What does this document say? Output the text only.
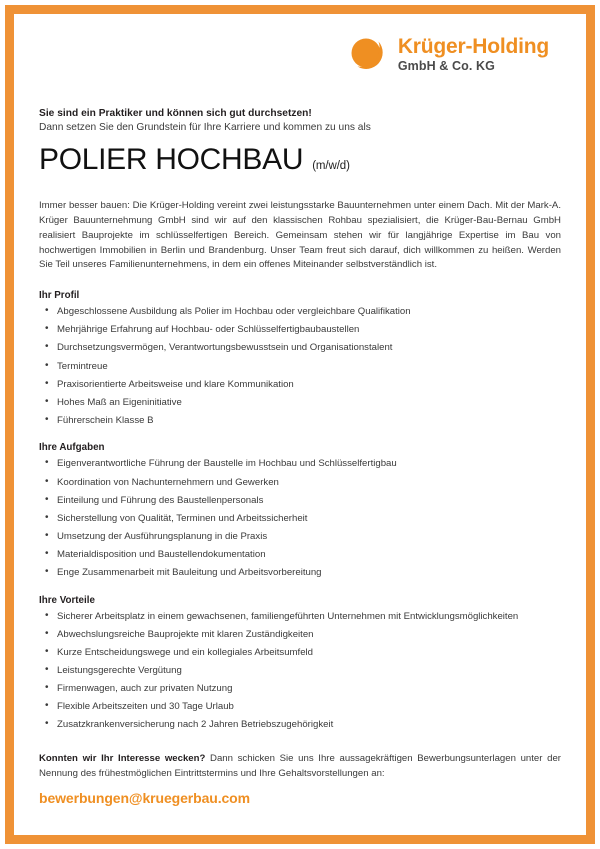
Krüger-Holding
GmbH & Co. KG
Sie sind ein Praktiker und können sich gut durchsetzen!
Dann setzen Sie den Grundstein für Ihre Karriere und kommen zu uns als
POLIER HOCHBAU (m/w/d)
Immer besser bauen: Die Krüger-Holding vereint zwei leistungsstarke Bauunternehmen unter einem Dach. Mit der Mark-A. Krüger Bauunternehmung GmbH sind wir auf den klassischen Rohbau spezialisiert, die Krüger-Bau-Bernau GmbH realisiert Bauprojekte im schlüsselfertigen Bereich. Gemeinsam stehen wir für langjährige Expertise im Bau von hochwertigen Immobilien in Berlin und Brandenburg. Unser Team freut sich darauf, dich willkommen zu heißen. Werden Sie Teil unseres Familienunternehmens, in dem ein offenes Miteinander selbstverständlich ist.
Ihr Profil
• Abgeschlossene Ausbildung als Polier im Hochbau oder vergleichbare Qualifikation
• Mehrjährige Erfahrung auf Hochbau- oder Schlüsselfertigbaubaustellen
• Durchsetzungsvermögen, Verantwortungsbewusstsein und Organisationstalent
• Termintreue
• Praxisorientierte Arbeitsweise und klare Kommunikation
• Hohes Maß an Eigeninitiative
• Führerschein Klasse B
Ihre Aufgaben
• Eigenverantwortliche Führung der Baustelle im Hochbau und Schlüsselfertigbau
• Koordination von Nachunternehmern und Gewerken
• Einteilung und Führung des Baustellenpersonals
• Sicherstellung von Qualität, Terminen und Arbeitssicherheit
• Umsetzung der Ausführungsplanung in die Praxis
• Materialdisposition und Baustellendokumentation
• Enge Zusammenarbeit mit Bauleitung und Arbeitsvorbereitung
Ihre Vorteile
• Sicherer Arbeitsplatz in einem gewachsenen, familiengeführten Unternehmen mit Entwicklungsmöglichkeiten
• Abwechslungsreiche Bauprojekte mit klaren Zuständigkeiten
• Kurze Entscheidungswege und ein kollegiales Arbeitsumfeld
• Leistungsgerechte Vergütung
• Firmenwagen, auch zur privaten Nutzung
• Flexible Arbeitszeiten und 30 Tage Urlaub
• Zusatzkrankenversicherung nach 2 Jahren Betriebszugehörigkeit
Konnten wir Ihr Interesse wecken? Dann schicken Sie uns Ihre aussagekräftigen Bewerbungsunterlagen unter der Nennung des frühestmöglichen Eintrittstermins und Ihre Gehaltsvorstellungen an:
bewerbungen@kruegerbau.com
